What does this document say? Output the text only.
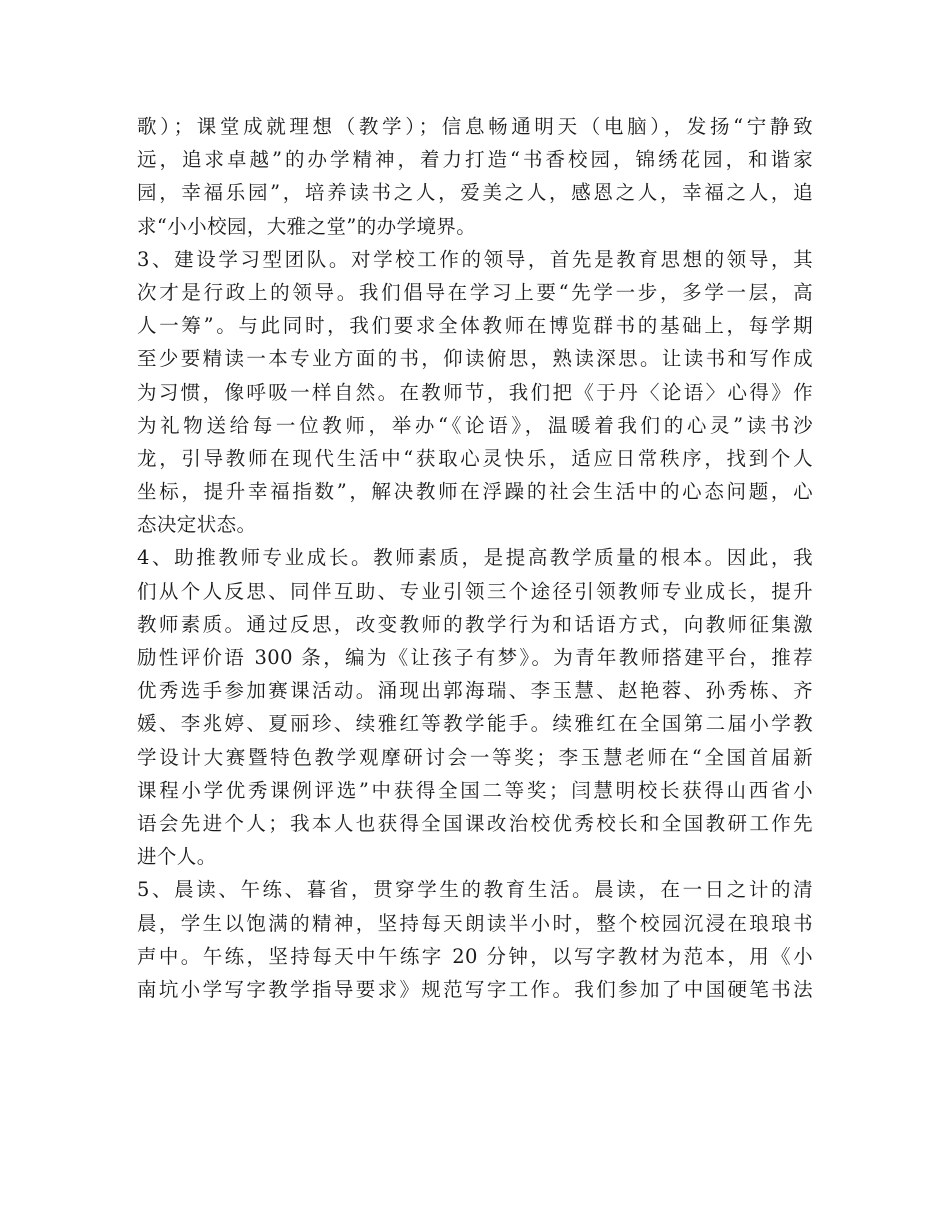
歌）；课堂成就理想（教学）；信息畅通明天（电脑），发扬“宁静致
远，追求卓越”的办学精神，着力打造“书香校园，锦绣花园，和谐家
园，幸福乐园”，培养读书之人，爱美之人，感恩之人，幸福之人，追
求“小小校园，大雅之堂”的办学境界。
3、建设学习型团队。对学校工作的领导，首先是教育思想的领导，其
次才是行政上的领导。我们倡导在学习上要“先学一步，多学一层，高
人一筹”。与此同时，我们要求全体教师在博览群书的基础上，每学期
至少要精读一本专业方面的书，仰读俯思，熟读深思。让读书和写作成
为习惯，像呼吸一样自然。在教师节，我们把《于丹〈论语〉心得》作
为礼物送给每一位教师，举办“《论语》，温暖着我们的心灵”读书沙
龙，引导教师在现代生活中“获取心灵快乐，适应日常秩序，找到个人
坐标，提升幸福指数”，解决教师在浮躁的社会生活中的心态问题，心
态决定状态。
4、助推教师专业成长。教师素质，是提高教学质量的根本。因此，我
们从个人反思、同伴互助、专业引领三个途径引领教师专业成长，提升
教师素质。通过反思，改变教师的教学行为和话语方式，向教师征集激
励性评价语 300 条，编为《让孩子有梦》。为青年教师搭建平台，推荐
优秀选手参加赛课活动。涌现出郭海瑞、李玉慧、赵艳蓉、孙秀栋、齐
媛、李兆婷、夏丽珍、续雅红等教学能手。续雅红在全国第二届小学教
学设计大赛暨特色教学观摩研讨会一等奖；李玉慧老师在“全国首届新
课程小学优秀课例评选”中获得全国二等奖；闫慧明校长获得山西省小
语会先进个人；我本人也获得全国课改治校优秀校长和全国教研工作先
进个人。
5、晨读、午练、暮省，贯穿学生的教育生活。晨读，在一日之计的清
晨，学生以饱满的精神，坚持每天朗读半小时，整个校园沉浸在琅琅书
声中。午练，坚持每天中午练字 20 分钟，以写字教材为范本，用《小
南坑小学写字教学指导要求》规范写字工作。我们参加了中国硬笔书法
